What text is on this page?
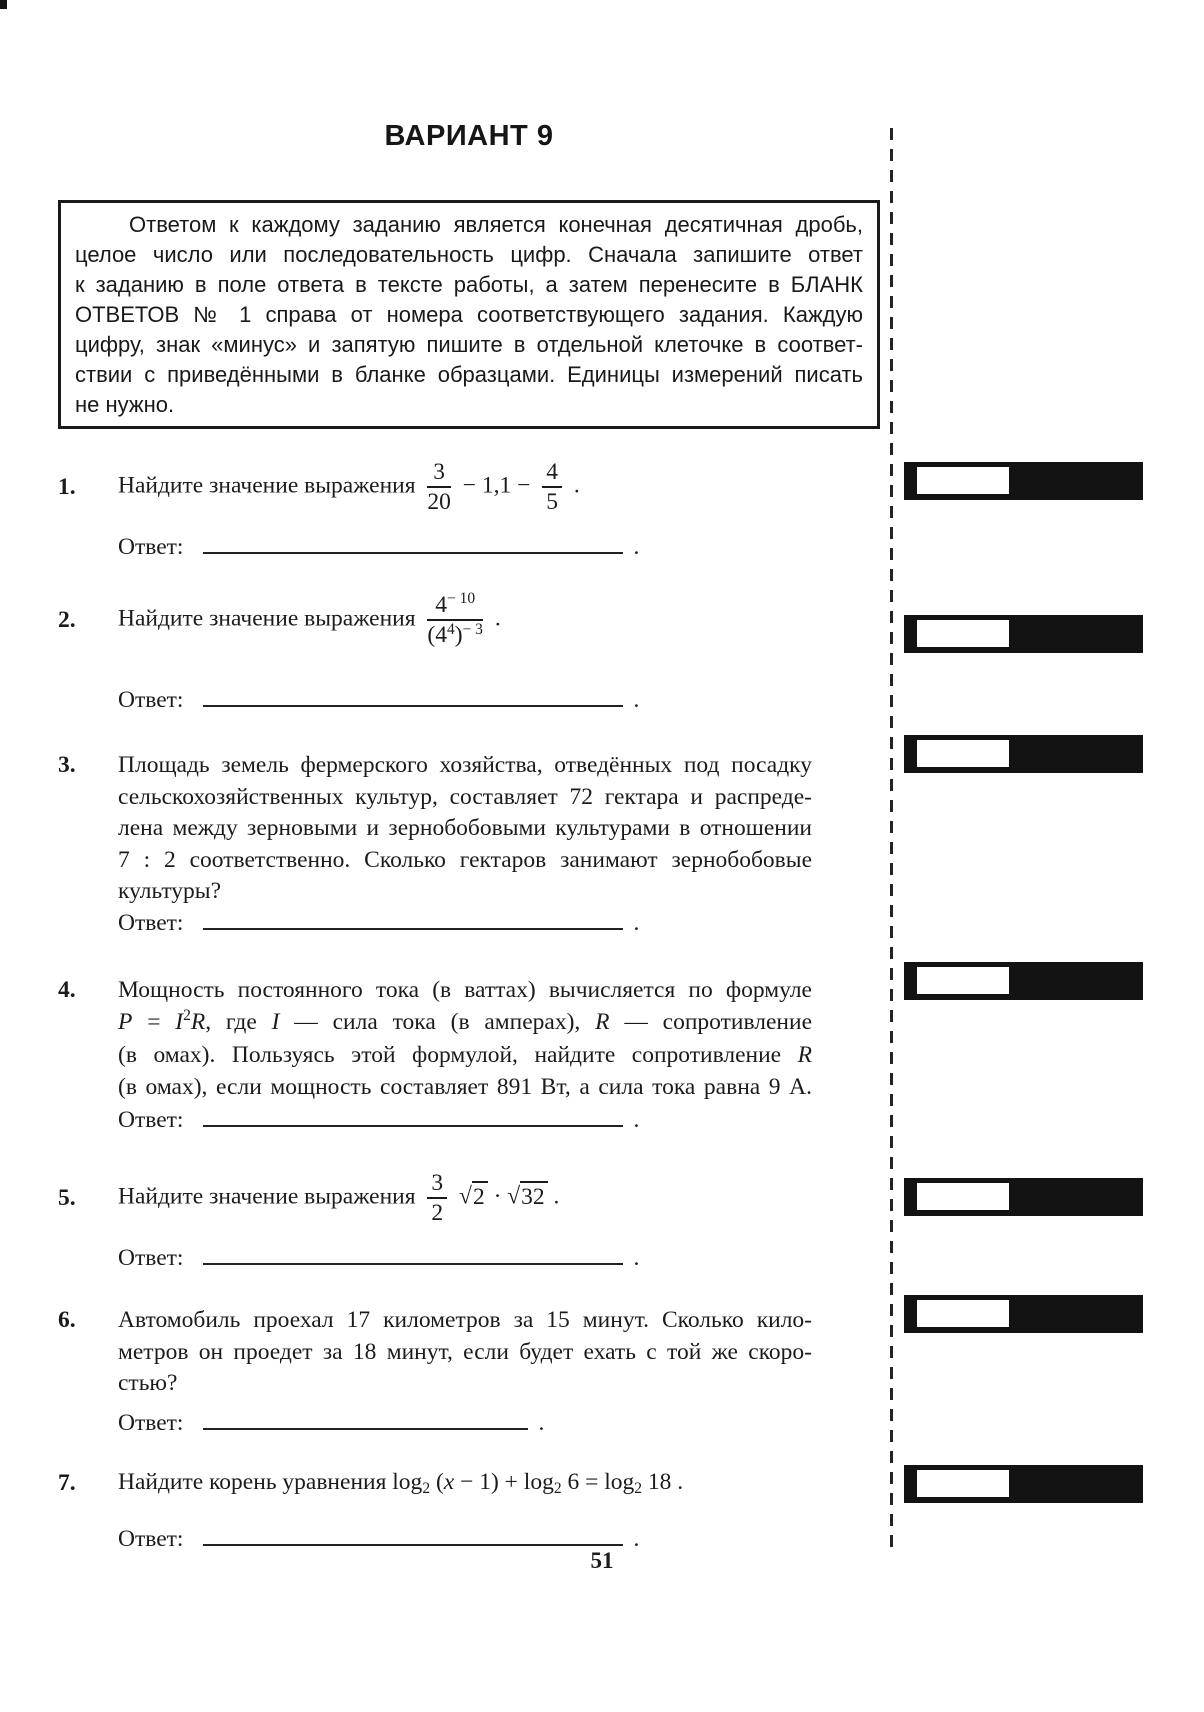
ВАРИАНТ 9
Ответом к каждому заданию является конечная десятичная дробь,
целое число или последовательность цифр. Сначала запишите ответ
к заданию в поле ответа в тексте работы, а затем перенесите в БЛАНК
ОТВЕТОВ № 1 справа от номера соответствующего задания. Каждую
цифру, знак «минус» и запятую пишите в отдельной клеточке в соответ-
ствии с приведёнными в бланке образцами. Единицы измерений писать
не нужно.
1.	Найдите значение выражения $\frac{3}{20} - 1,1 - \frac{4}{5}$ .
Ответ:	.
2.	Найдите значение выражения $\frac{4^{- 10}}{(4^4)^{- 3}}$ .
Ответ:	.
3.	Площадь земель фермерского хозяйства, отведённых под посадку
сельскохозяйственных культур, составляет 72 гектара и распреде-
лена между зерновыми и зернобобовыми культурами в отношении
7 : 2 соответственно. Сколько гектаров занимают зернобобовые
культуры?
Ответ:	.
4.	Мощность постоянного тока (в ваттах) вычисляется по формуле
$P = I^2R$, где I — сила тока (в амперах), R — сопротивление
(в омах). Пользуясь этой формулой, найдите сопротивление R
(в омах), если мощность составляет 891 Вт, а сила тока равна 9 А.
Ответ:	.
5.	Найдите значение выражения $\frac{3}{2} √2 \cdot √32$ .
Ответ:	.
6.	Автомобиль проехал 17 километров за 15 минут. Сколько кило-
метров он проедет за 18 минут, если будет ехать с той же скоро-
стью?
Ответ:	.
7.	Найдите корень уравнения log2 (x − 1) + log2 6 = log2 18 .
Ответ:	.
51
